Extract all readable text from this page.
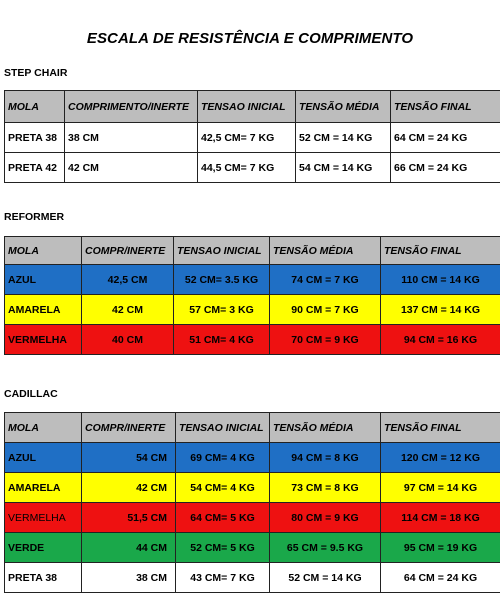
ESCALA DE RESISTÊNCIA E COMPRIMENTO
STEP CHAIR
MOLA	COMPRIMENTO/INERTE	TENSAO INICIAL	TENSÃO MÉDIA	TENSÃO FINAL
PRETA 38	38 CM	42,5 CM= 7 KG	52 CM = 14 KG	64 CM = 24 KG
PRETA 42	42 CM	44,5 CM= 7 KG	54 CM = 14 KG	66 CM = 24 KG
REFORMER
MOLA	COMPR/INERTE	TENSAO INICIAL	TENSÃO MÉDIA	TENSÃO FINAL
AZUL	42,5 CM	52 CM= 3.5 KG	74 CM = 7 KG	110 CM = 14 KG
AMARELA	42 CM	57 CM= 3 KG	90 CM = 7 KG	137 CM = 14 KG
VERMELHA	40 CM	51 CM= 4 KG	70 CM = 9 KG	94 CM = 16 KG
CADILLAC
MOLA	COMPR/INERTE	TENSAO INICIAL	TENSÃO MÉDIA	TENSÃO FINAL
AZUL	54 CM	69 CM= 4 KG	94 CM = 8 KG	120 CM = 12 KG
AMARELA	42 CM	54 CM= 4 KG	73 CM = 8 KG	97 CM = 14 KG
VERMELHA	51,5 CM	64 CM= 5 KG	80 CM = 9 KG	114 CM = 18 KG
VERDE	44 CM	52 CM= 5 KG	65 CM = 9.5 KG	95 CM = 19 KG
PRETA 38	38 CM	43 CM= 7 KG	52 CM = 14 KG	64 CM = 24 KG
